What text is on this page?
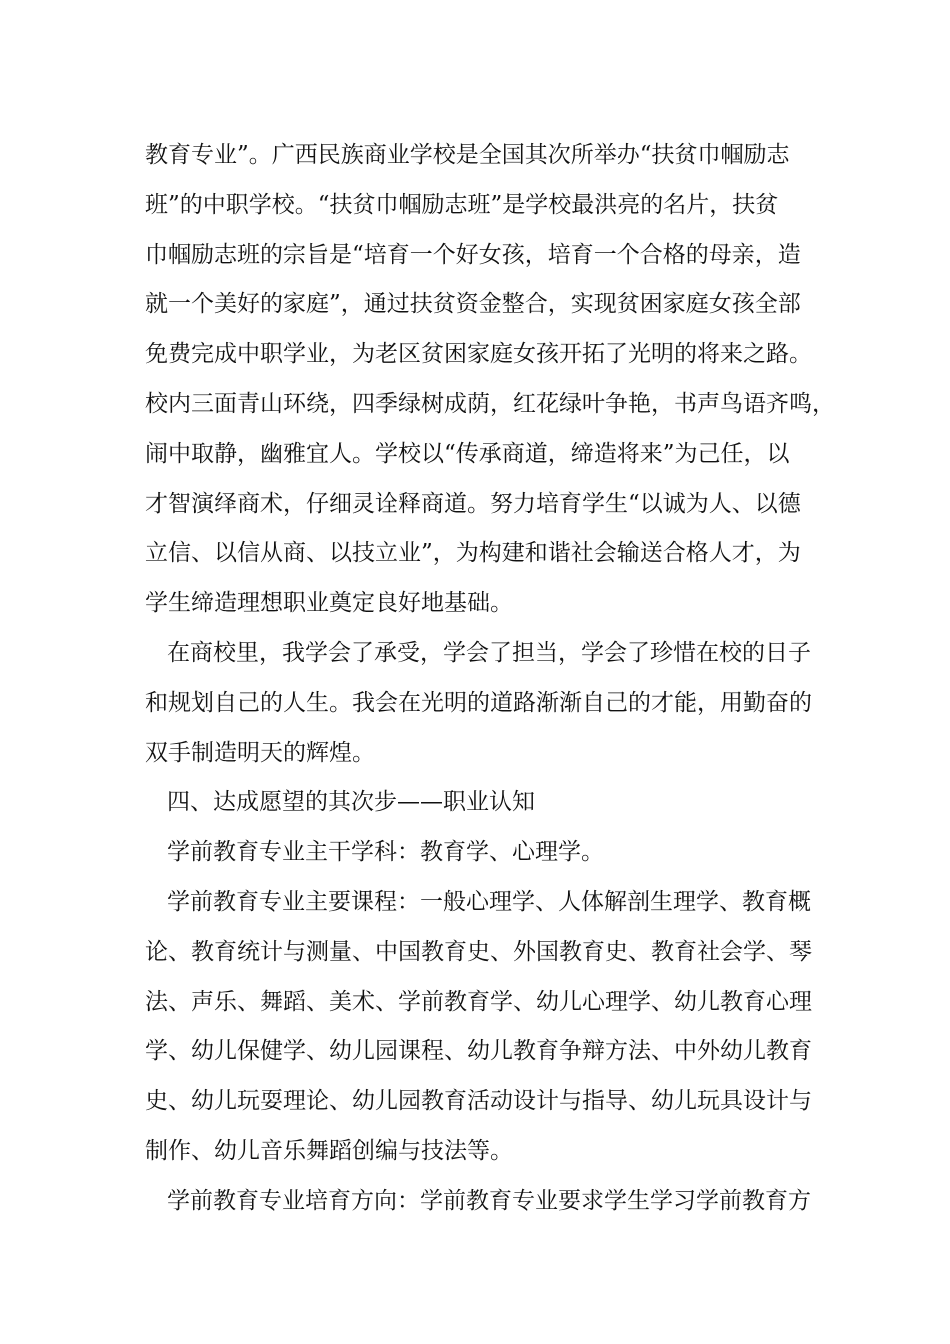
教育专业”。广西民族商业学校是全国其次所举办“扶贫巾帼励志
班”的中职学校。“扶贫巾帼励志班”是学校最洪亮的名片，扶贫
巾帼励志班的宗旨是“培育一个好女孩，培育一个合格的母亲，造
就一个美好的家庭”，通过扶贫资金整合，实现贫困家庭女孩全部
免费完成中职学业，为老区贫困家庭女孩开拓了光明的将来之路。
校内三面青山环绕，四季绿树成荫，红花绿叶争艳，书声鸟语齐鸣，
闹中取静，幽雅宜人。学校以“传承商道，缔造将来”为己任，以
才智演绎商术，仔细灵诠释商道。努力培育学生“以诚为人、以德
立信、以信从商、以技立业”，为构建和谐社会输送合格人才，为
学生缔造理想职业奠定良好地基础。
在商校里，我学会了承受，学会了担当，学会了珍惜在校的日子
和规划自己的人生。我会在光明的道路渐渐自己的才能，用勤奋的
双手制造明天的辉煌。
四、达成愿望的其次步——职业认知
学前教育专业主干学科：教育学、心理学。
学前教育专业主要课程：一般心理学、人体解剖生理学、教育概
论、教育统计与测量、中国教育史、外国教育史、教育社会学、琴
法、声乐、舞蹈、美术、学前教育学、幼儿心理学、幼儿教育心理
学、幼儿保健学、幼儿园课程、幼儿教育争辩方法、中外幼儿教育
史、幼儿玩耍理论、幼儿园教育活动设计与指导、幼儿玩具设计与
制作、幼儿音乐舞蹈创编与技法等。
学前教育专业培育方向：学前教育专业要求学生学习学前教育方
